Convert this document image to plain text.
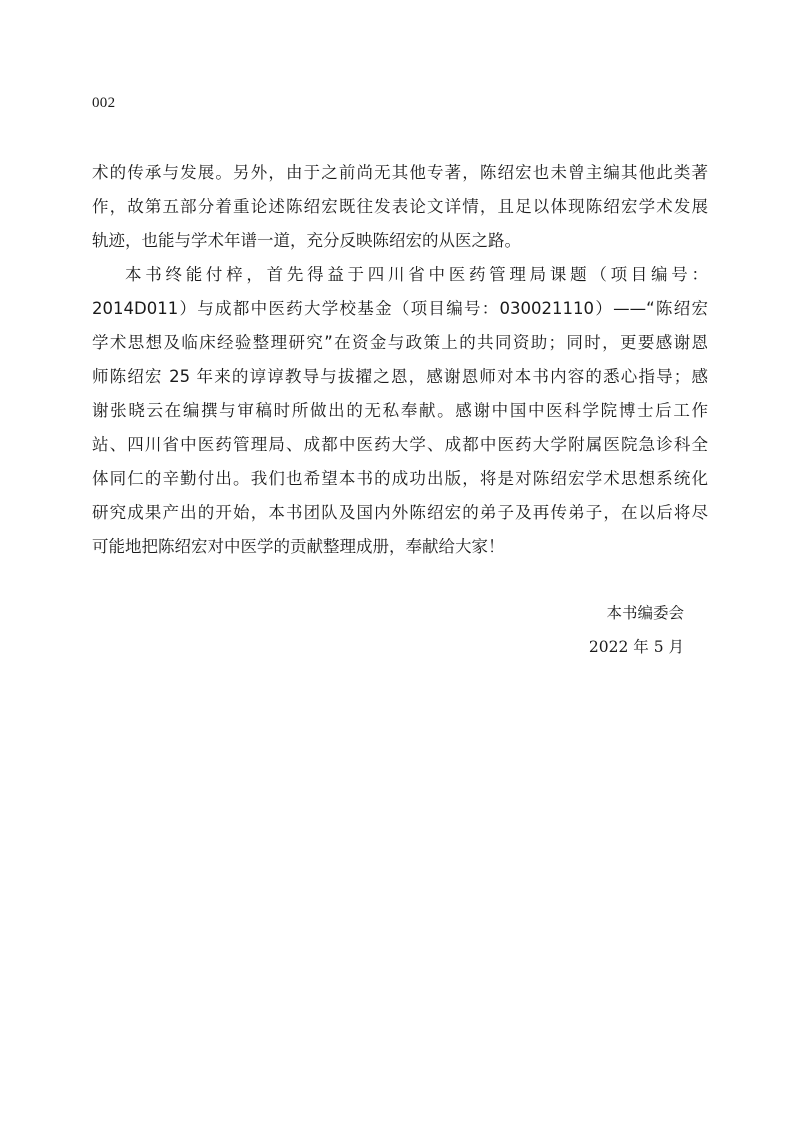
002
术的传承与发展。另外，由于之前尚无其他专著，陈绍宏也未曾主编其他此类著
作，故第五部分着重论述陈绍宏既往发表论文详情，且足以体现陈绍宏学术发展
轨迹，也能与学术年谱一道，充分反映陈绍宏的从医之路。
本书终能付梓，首先得益于四川省中医药管理局课题（项目编号：
2014D011）与成都中医药大学校基金（项目编号：030021110）——“陈绍宏
学术思想及临床经验整理研究”在资金与政策上的共同资助；同时，更要感谢恩
师陈绍宏 25 年来的谆谆教导与拔擢之恩，感谢恩师对本书内容的悉心指导；感
谢张晓云在编撰与审稿时所做出的无私奉献。感谢中国中医科学院博士后工作
站、四川省中医药管理局、成都中医药大学、成都中医药大学附属医院急诊科全
体同仁的辛勤付出。我们也希望本书的成功出版，将是对陈绍宏学术思想系统化
研究成果产出的开始，本书团队及国内外陈绍宏的弟子及再传弟子，在以后将尽
可能地把陈绍宏对中医学的贡献整理成册，奉献给大家！
本书编委会
2022 年 5 月
